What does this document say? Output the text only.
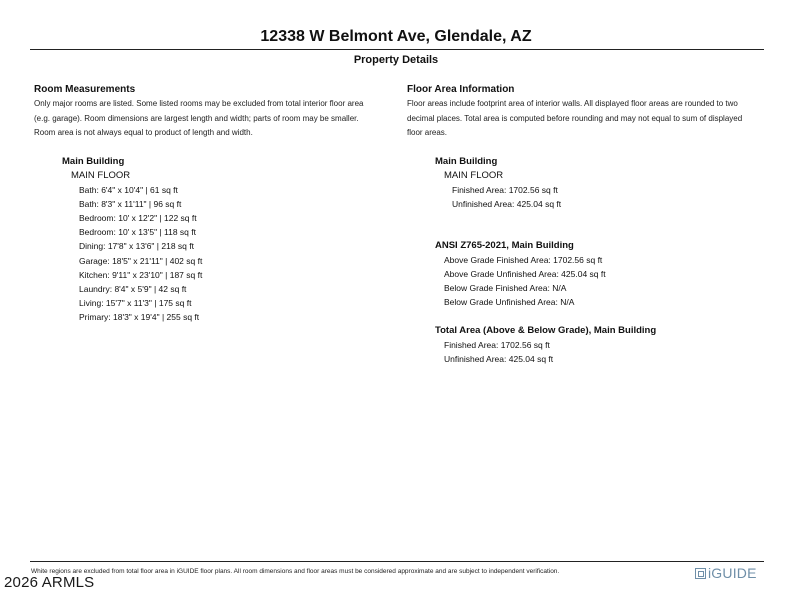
12338 W Belmont Ave, Glendale, AZ
Property Details
Room Measurements
Only major rooms are listed. Some listed rooms may be excluded from total interior floor area
(e.g. garage). Room dimensions are largest length and width; parts of room may be smaller.
Room area is not always equal to product of length and width.
Main Building
MAIN FLOOR
Bath: 6'4" x 10'4" | 61 sq ft
Bath: 8'3" x 11'11" | 96 sq ft
Bedroom: 10' x 12'2" | 122 sq ft
Bedroom: 10' x 13'5" | 118 sq ft
Dining: 17'8" x 13'6" | 218 sq ft
Garage: 18'5" x 21'11" | 402 sq ft
Kitchen: 9'11" x 23'10" | 187 sq ft
Laundry: 8'4" x 5'9" | 42 sq ft
Living: 15'7" x 11'3" | 175 sq ft
Primary: 18'3" x 19'4" | 255 sq ft
Floor Area Information
Floor areas include footprint area of interior walls. All displayed floor areas are rounded to two
decimal places. Total area is computed before rounding and may not equal to sum of displayed
floor areas.
Main Building
MAIN FLOOR
Finished Area: 1702.56 sq ft
Unfinished Area: 425.04 sq ft
ANSI Z765-2021, Main Building
Above Grade Finished Area: 1702.56 sq ft
Above Grade Unfinished Area: 425.04 sq ft
Below Grade Finished Area: N/A
Below Grade Unfinished Area: N/A
Total Area (Above & Below Grade), Main Building
Finished Area: 1702.56 sq ft
Unfinished Area: 425.04 sq ft
White regions are excluded from total floor area in iGUIDE floor plans. All room dimensions and floor areas must be considered approximate and are subject to independent verification.	iGUIDE
2026 ARMLS
